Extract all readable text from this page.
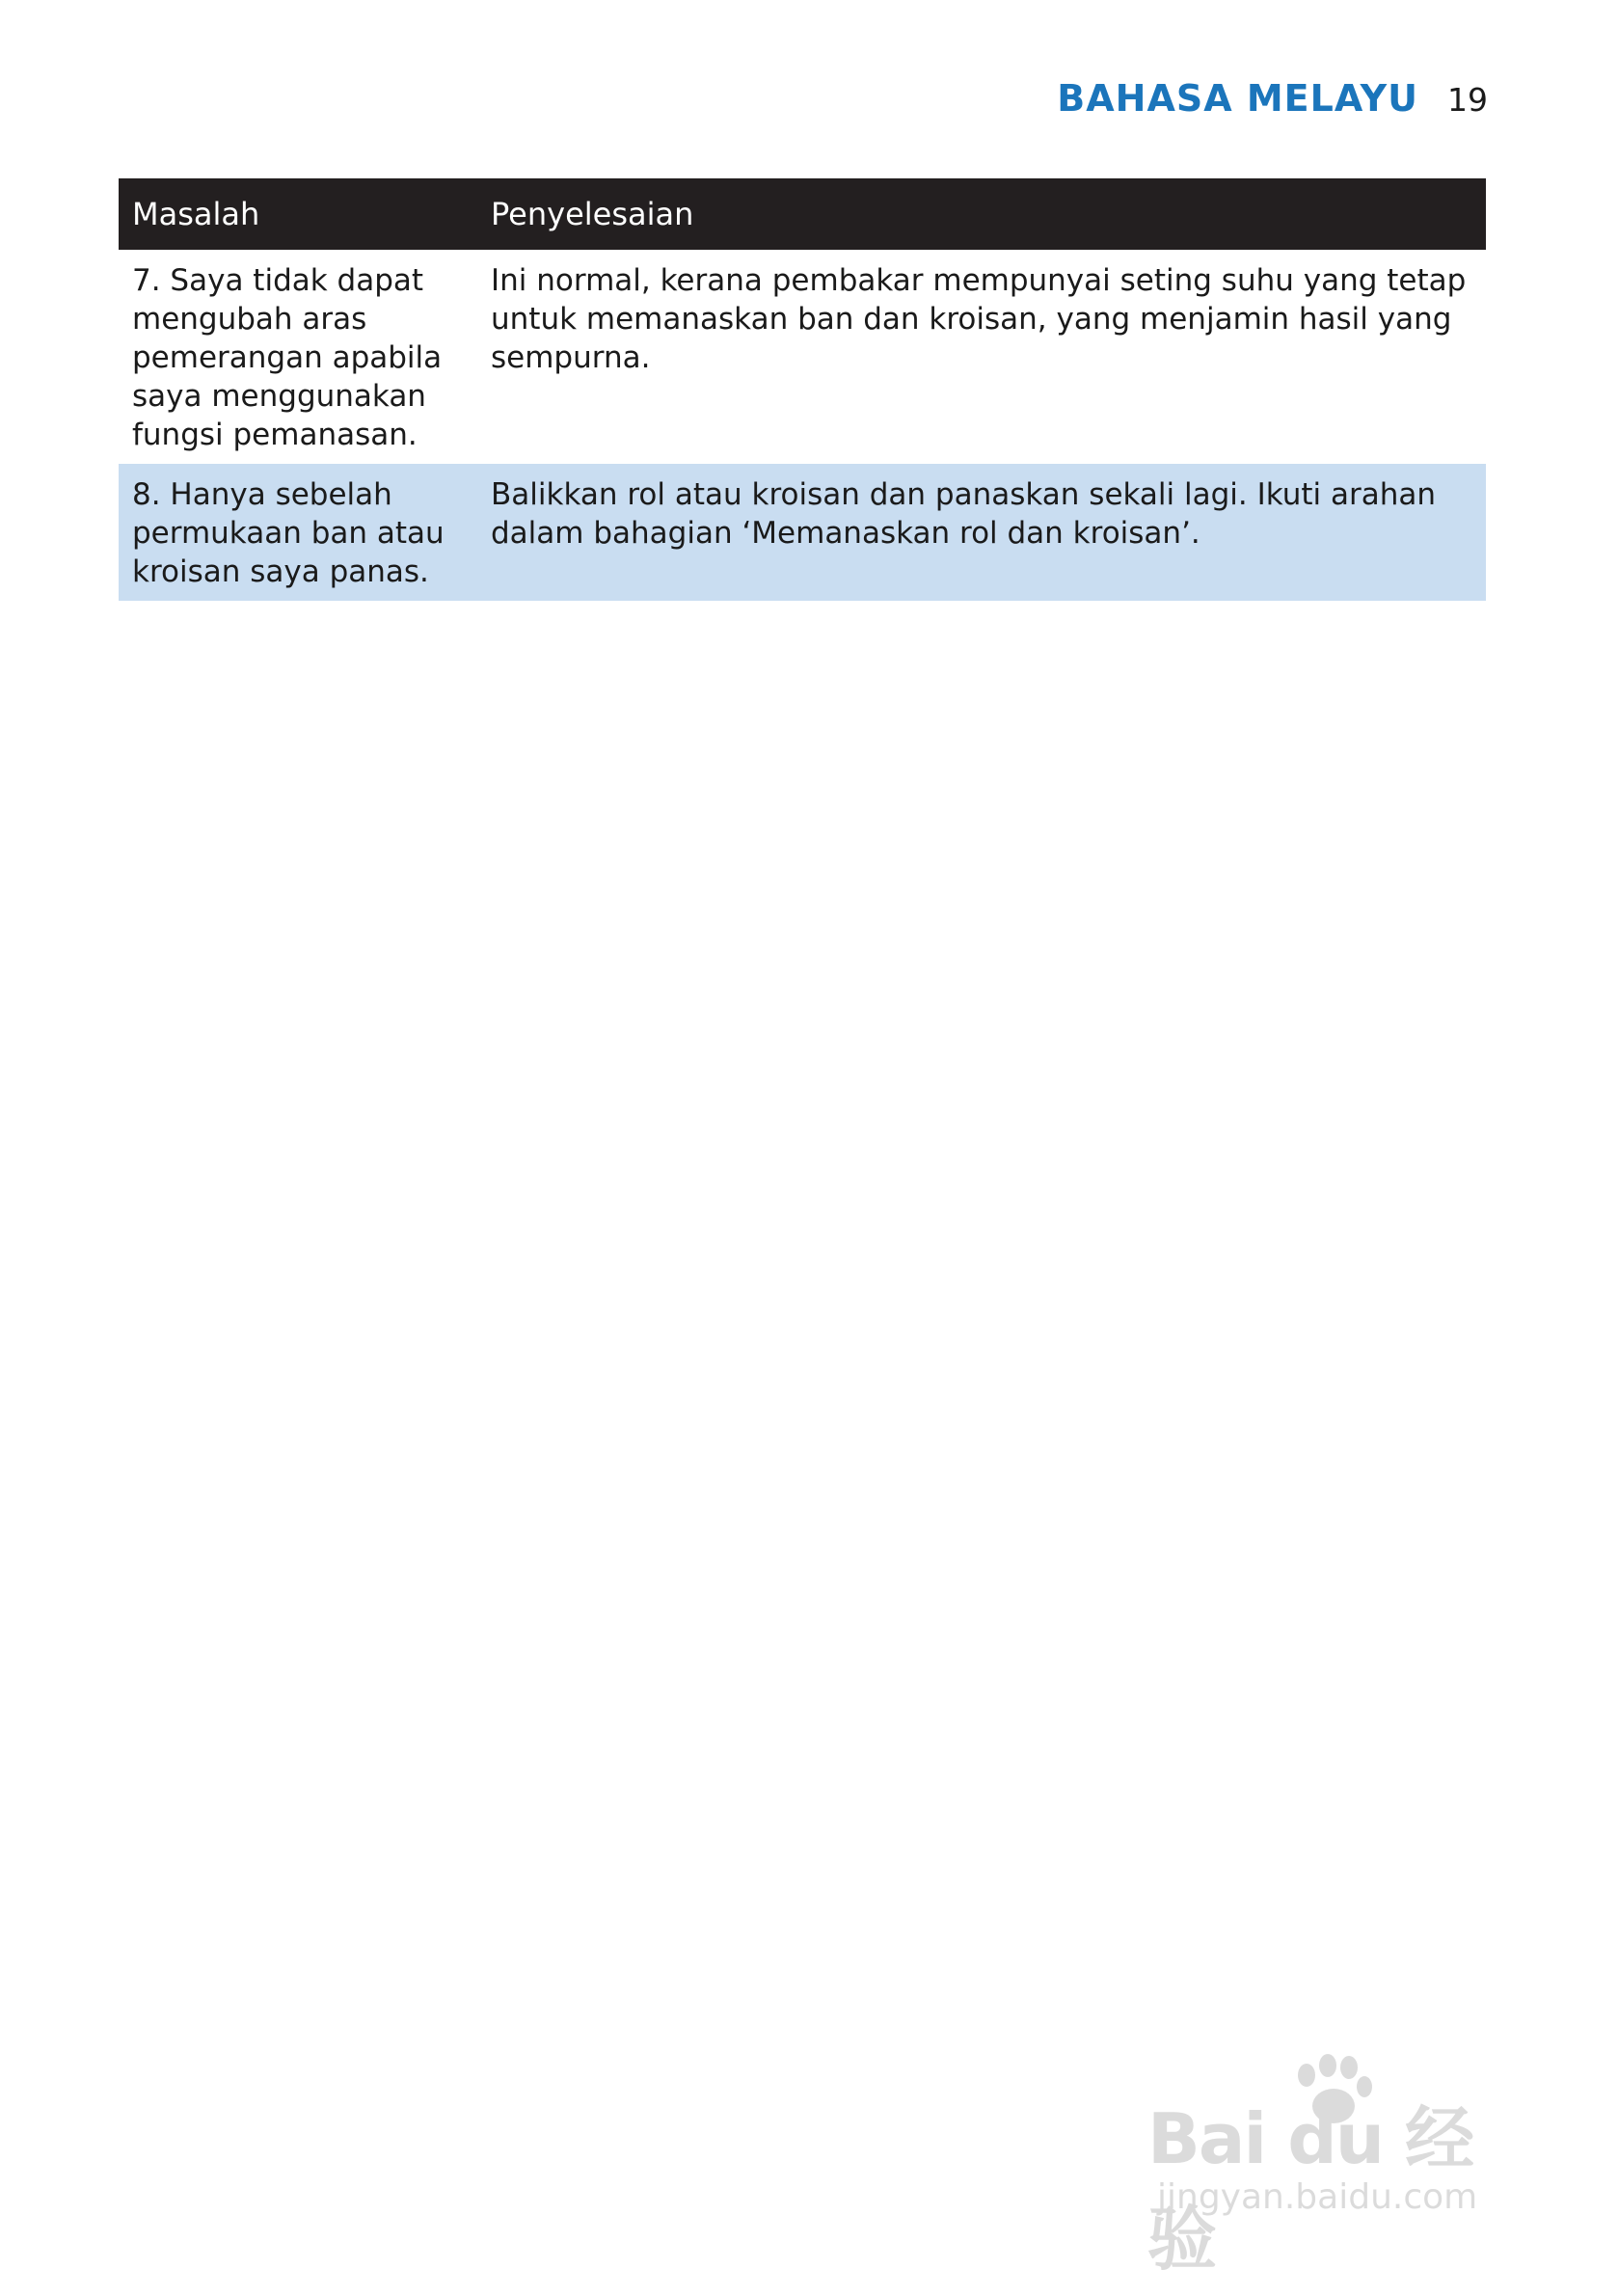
BAHASA MELAYU 19
Masalah	Penyelesaian

7. Saya tidak dapat mengubah aras pemerangan apabila saya menggunakan fungsi pemanasan.	Ini normal, kerana pembakar mempunyai seting suhu yang tetap untuk memanaskan ban dan kroisan, yang menjamin hasil yang sempurna.

8. Hanya sebelah permukaan ban atau kroisan saya panas.	Balikkan rol atau kroisan dan panaskan sekali lagi. Ikuti arahan dalam bahagian ‘Memanaskan rol dan kroisan’.
Bai du 经验
jingyan.baidu.com
